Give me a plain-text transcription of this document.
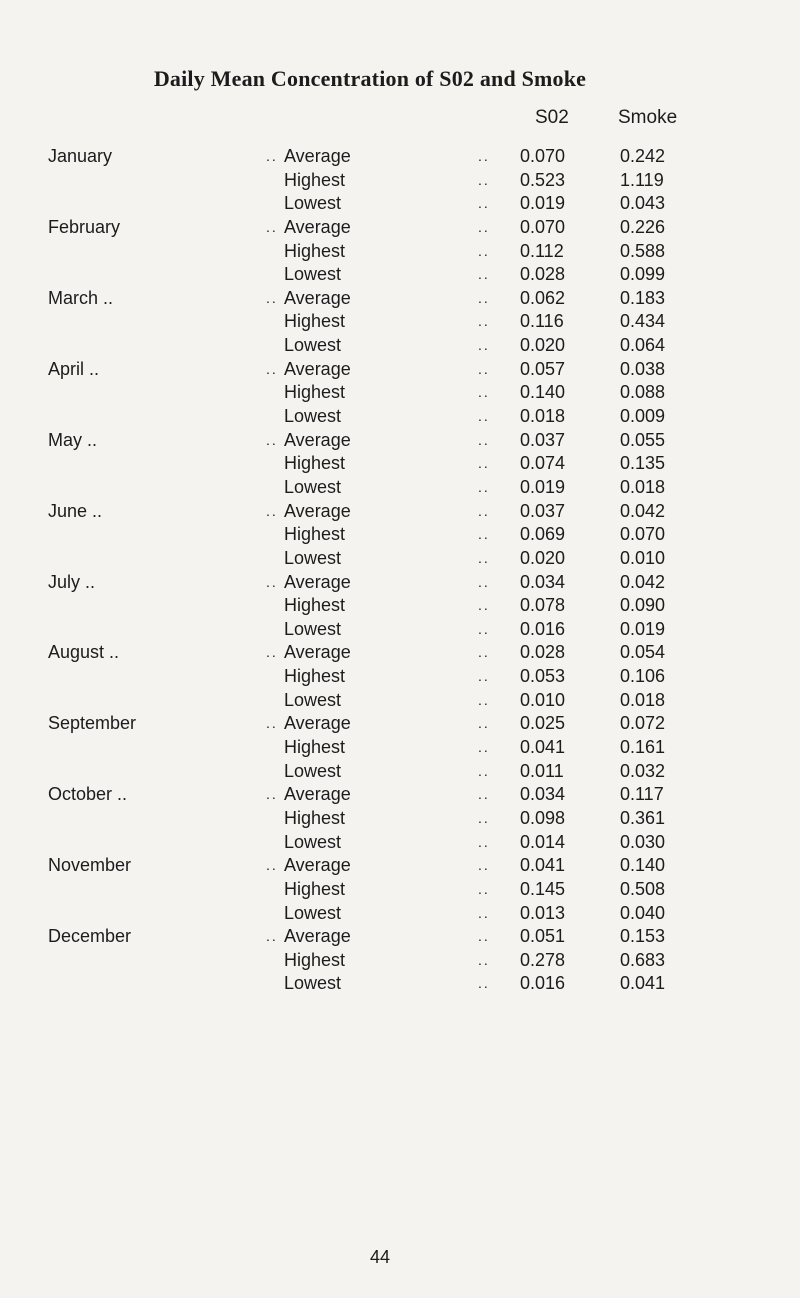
Daily Mean Concentration of S02 and Smoke
S02	Smoke
January	.. Average	.. 0.070	0.242
Highest	.. 0.523	1.119
Lowest	.. 0.019	0.043
February	.. Average	.. 0.070	0.226
Highest	.. 0.112	0.588
Lowest	.. 0.028	0.099
March ..	.. Average	.. 0.062	0.183
Highest	.. 0.116	0.434
Lowest	.. 0.020	0.064
April ..	.. Average	.. 0.057	0.038
Highest	.. 0.140	0.088
Lowest	.. 0.018	0.009
May ..	.. Average	.. 0.037	0.055
Highest	.. 0.074	0.135
Lowest	.. 0.019	0.018
June ..	.. Average	.. 0.037	0.042
Highest	.. 0.069	0.070
Lowest	.. 0.020	0.010
July ..	.. Average	.. 0.034	0.042
Highest	.. 0.078	0.090
Lowest	.. 0.016	0.019
August ..	.. Average	.. 0.028	0.054
Highest	.. 0.053	0.106
Lowest	.. 0.010	0.018
September	.. Average	.. 0.025	0.072
Highest	.. 0.041	0.161
Lowest	.. 0.011	0.032
October ..	.. Average	.. 0.034	0.117
Highest	.. 0.098	0.361
Lowest	.. 0.014	0.030
November	.. Average	.. 0.041	0.140
Highest	.. 0.145	0.508
Lowest	.. 0.013	0.040
December	.. Average	.. 0.051	0.153
Highest	.. 0.278	0.683
Lowest	.. 0.016	0.041
44
